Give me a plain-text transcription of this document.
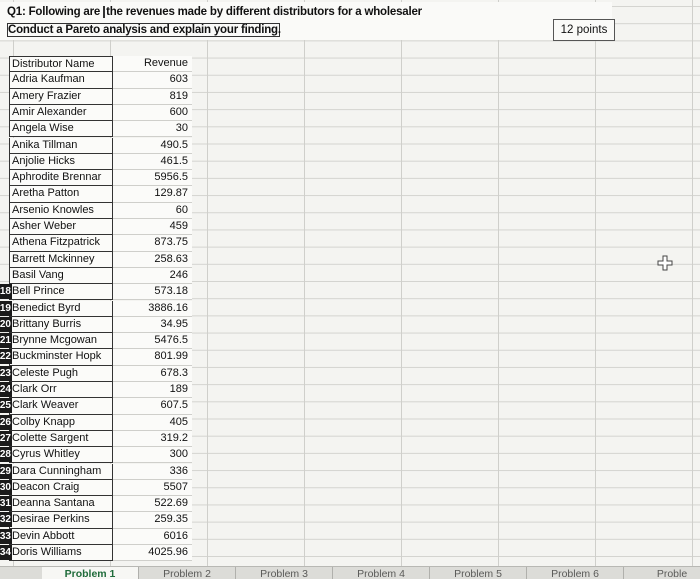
Q1: Following are the revenues made by different distributors for a wholesaler
Conduct a Pareto analysis and explain your finding.	12 points
Distributor Name	Revenue
Adria Kaufman	603
Amery Frazier	819
Amir Alexander	600
Angela Wise	30
Anika Tillman	490.5
Anjolie Hicks	461.5
Aphrodite Brennar	5956.5
Aretha Patton	129.87
Arsenio Knowles	60
Asher Weber	459
Athena Fitzpatrick	873.75
Barrett Mckinney	258.63
Basil Vang	246
18 Bell Prince	573.18
19 Benedict Byrd	3886.16
20 Brittany Burris	34.95
21 Brynne Mcgowan	5476.5
22 Buckminster Hopk	801.99
23 Celeste Pugh	678.3
24 Clark Orr	189
25 Clark Weaver	607.5
26 Colby Knapp	405
27 Colette Sargent	319.2
28 Cyrus Whitley	300
29 Dara Cunningham	336
30 Deacon Craig	5507
31 Deanna Santana	522.69
32 Desirae Perkins	259.35
33 Devin Abbott	6016
34 Doris Williams	4025.96
Problem 1	Problem 2	Problem 3	Problem 4	Problem 5	Problem 6	Proble
